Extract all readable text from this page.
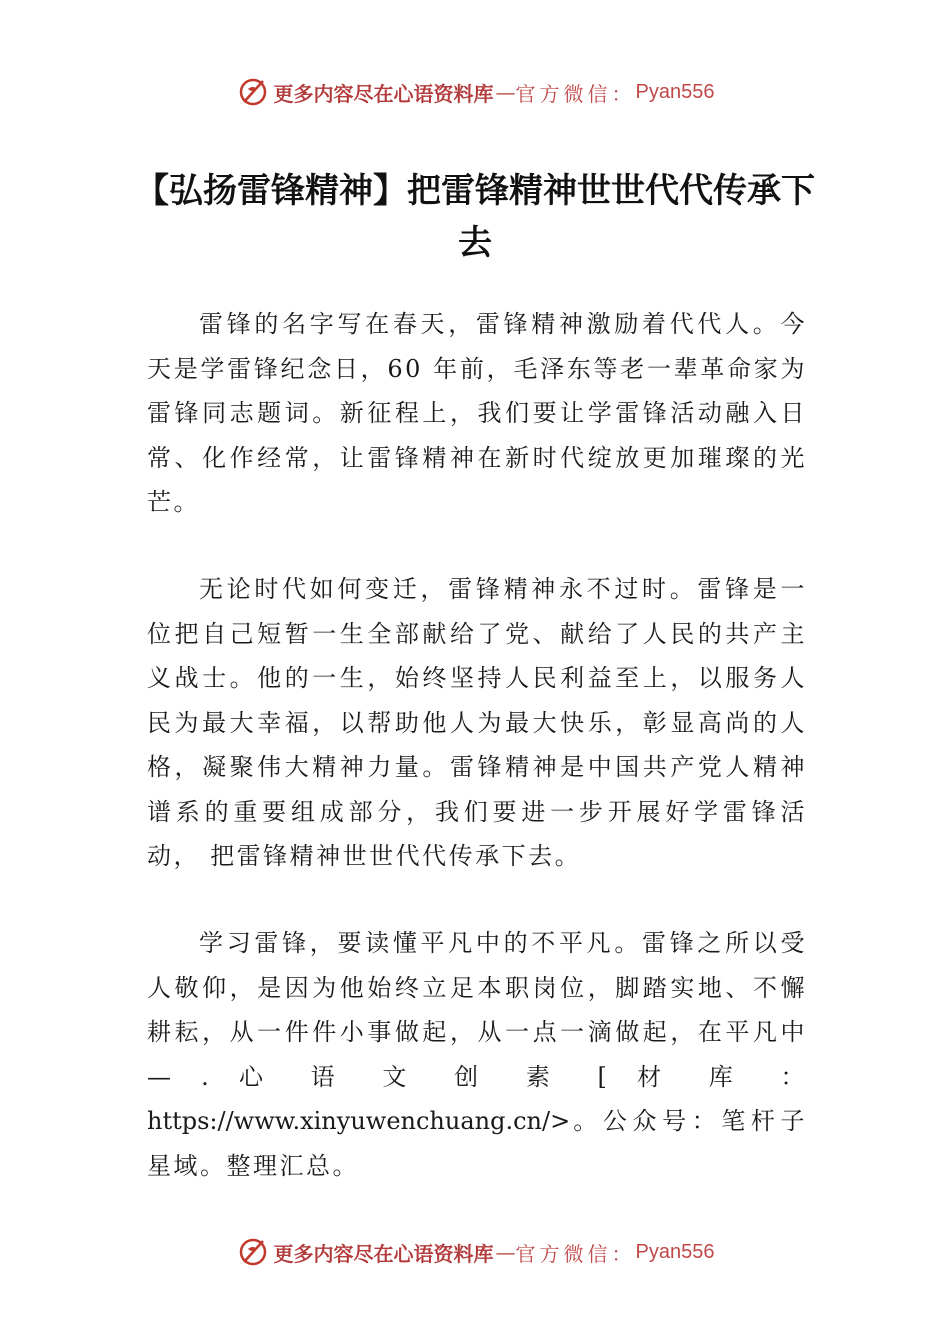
更多内容尽在心语资料库 — 官方微信： Pyan556
【弘扬雷锋精神】把雷锋精神世世代代传承下去

雷锋的名字写在春天，雷锋精神激励着代代人。今天是学雷锋纪念日，60 年前，毛泽东等老一辈革命家为雷锋同志题词。新征程上，我们要让学雷锋活动融入日常、化作经常，让雷锋精神在新时代绽放更加璀璨的光芒。

无论时代如何变迁，雷锋精神永不过时。雷锋是一位把自己短暂一生全部献给了党、献给了人民的共产主义战士。他的一生，始终坚持人民利益至上，以服务人民为最大幸福，以帮助他人为最大快乐，彰显高尚的人格，凝聚伟大精神力量。雷锋精神是中国共产党人精神谱系的重要组成部分，我们要进一步开展好学雷锋活动， 把雷锋精神世世代代传承下去。

学习雷锋，要读懂平凡中的不平凡。雷锋之所以受人敬仰，是因为他始终立足本职岗位，脚踏实地、不懈耕耘，从一件件小事做起，从一点一滴做起，在平凡中— . 心 语 文 创 素 [ 材 库 ： https://www.xinyuwenchuang.cn/>。公众号：笔杆子星域。整理汇总。

更多内容尽在心语资料库 — 官方微信： Pyan556
